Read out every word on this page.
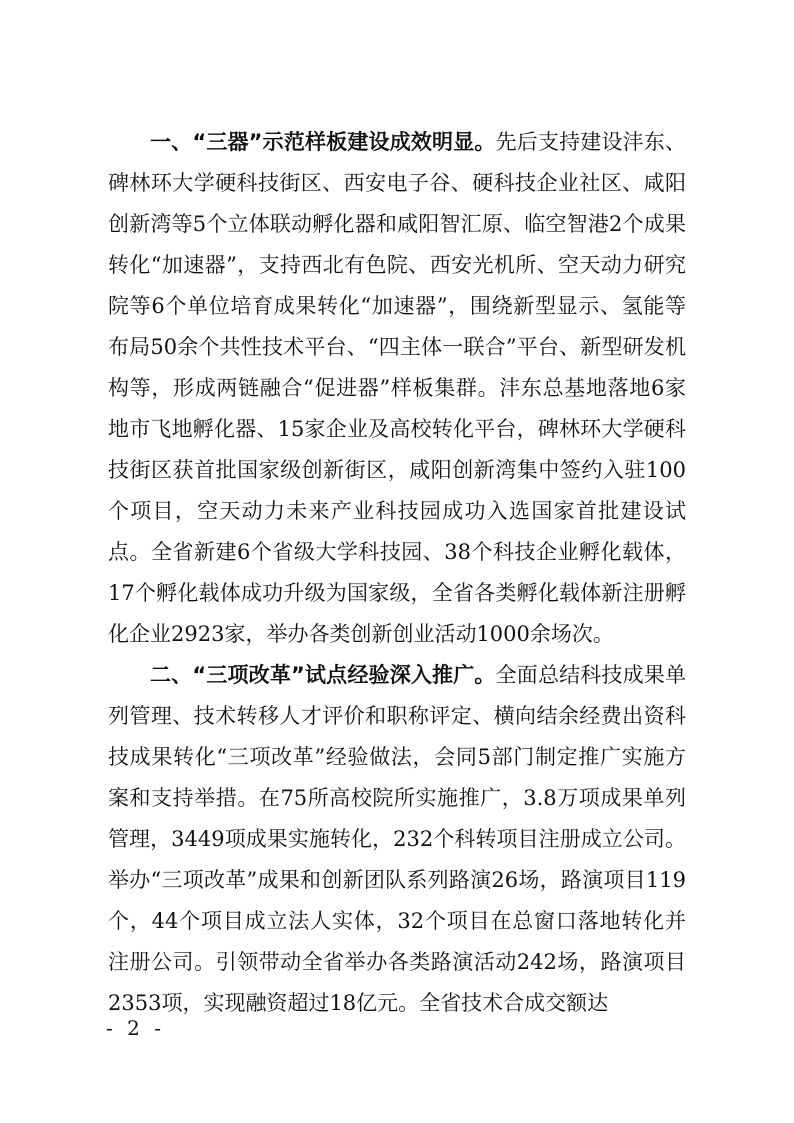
一、“三器”示范样板建设成效明显。先后支持建设沣东、碑林环大学硬科技街区、西安电子谷、硬科技企业社区、咸阳创新湾等5个立体联动孵化器和咸阳智汇原、临空智港2个成果转化“加速器”，支持西北有色院、西安光机所、空天动力研究院等6个单位培育成果转化“加速器”，围绕新型显示、氢能等布局50余个共性技术平台、“四主体一联合”平台、新型研发机构等，形成两链融合“促进器”样板集群。沣东总基地落地6家地市飞地孵化器、15家企业及高校转化平台，碑林环大学硬科技街区获首批国家级创新街区，咸阳创新湾集中签约入驻100个项目，空天动力未来产业科技园成功入选国家首批建设试点。全省新建6个省级大学科技园、38个科技企业孵化载体，17个孵化载体成功升级为国家级，全省各类孵化载体新注册孵化企业2923家，举办各类创新创业活动1000余场次。

二、“三项改革”试点经验深入推广。全面总结科技成果单列管理、技术转移人才评价和职称评定、横向结余经费出资科技成果转化“三项改革”经验做法，会同5部门制定推广实施方案和支持举措。在75所高校院所实施推广，3.8万项成果单列管理，3449项成果实施转化，232个科转项目注册成立公司。举办“三项改革”成果和创新团队系列路演26场，路演项目119个，44个项目成立法人实体，32个项目在总窗口落地转化并注册公司。引领带动全省举办各类路演活动242场，路演项目2353项，实现融资超过18亿元。全省技术合成交额达

- 2 -
